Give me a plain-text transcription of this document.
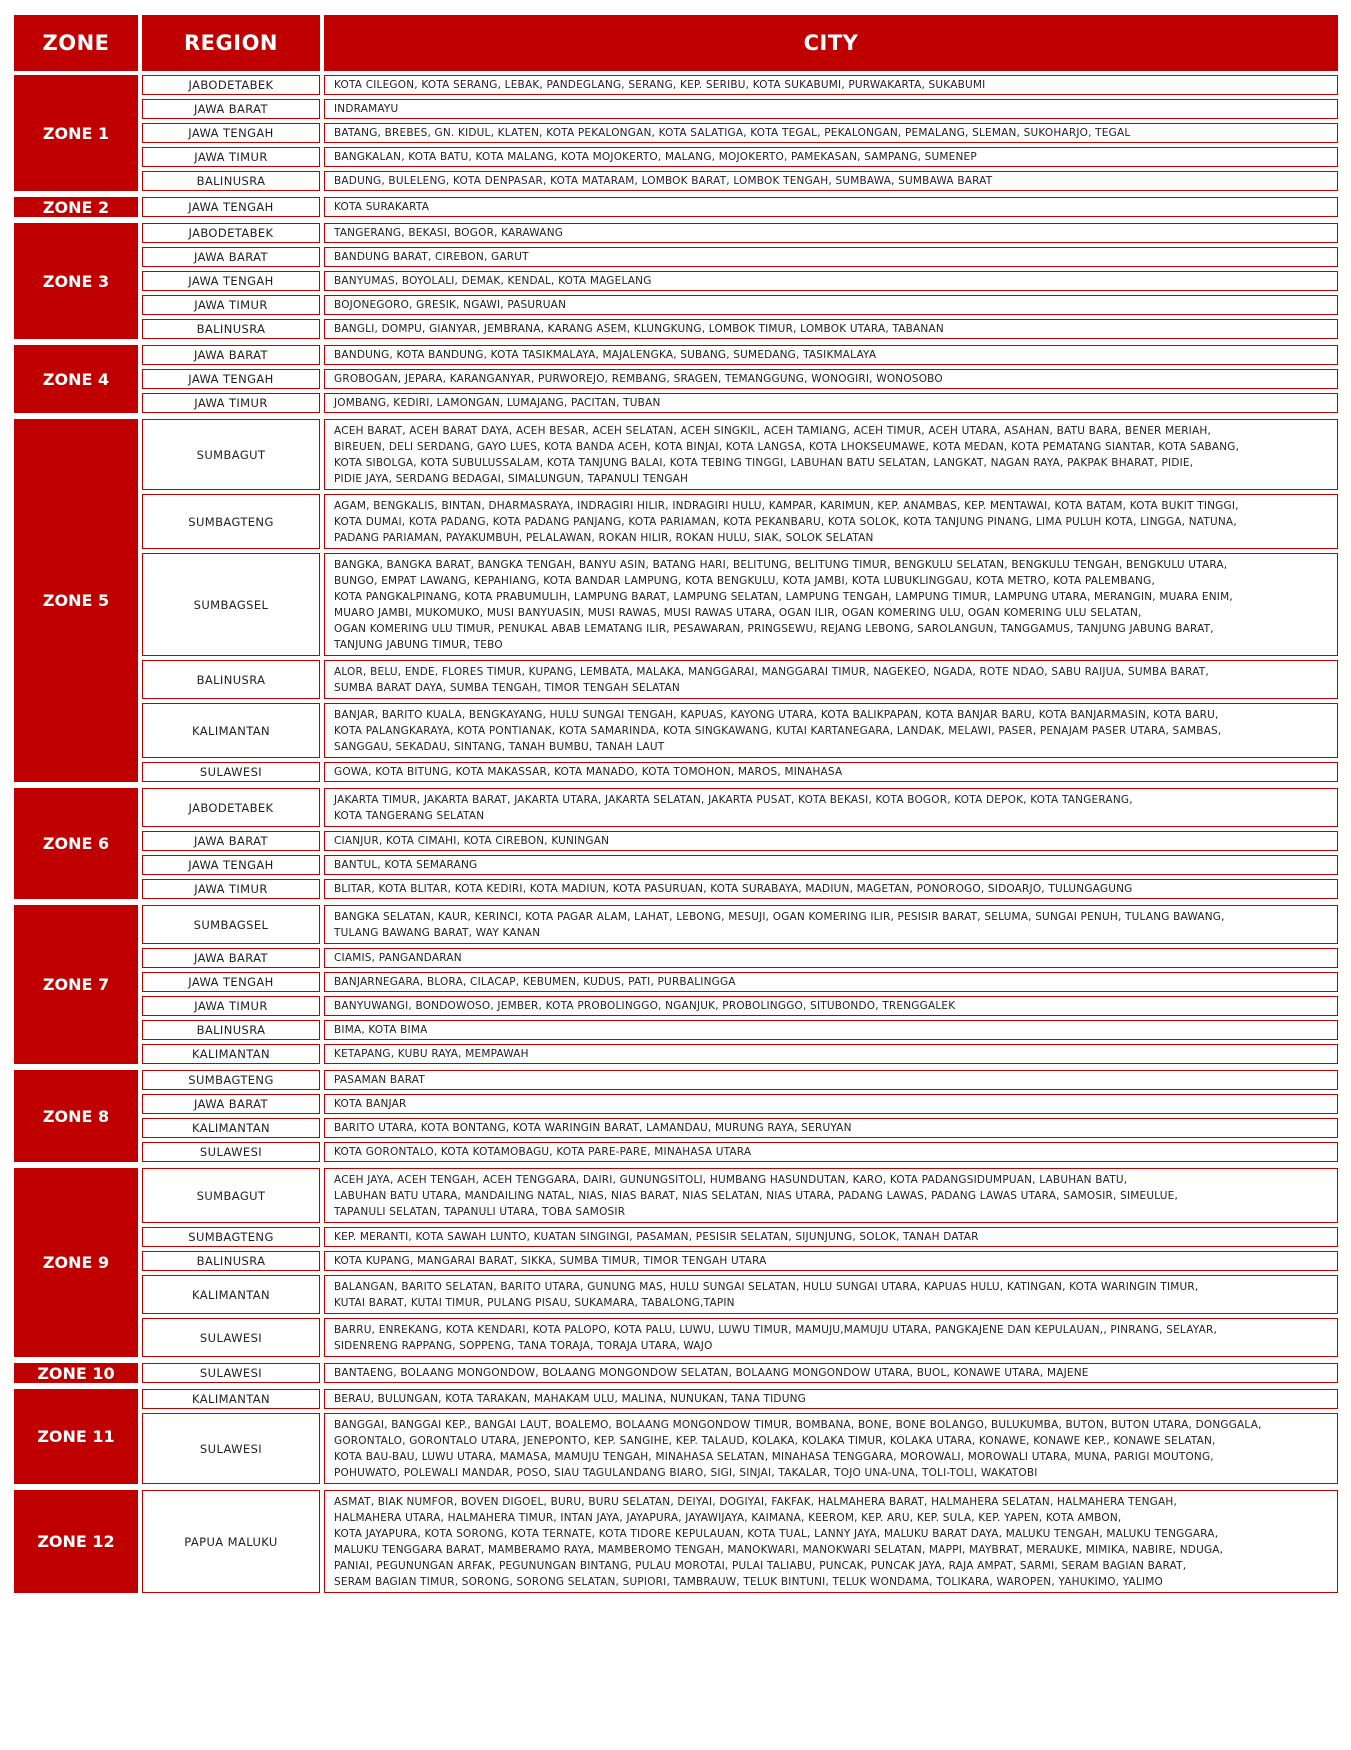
ZONE	REGION	CITY
ZONE 1
JABODETABEK	KOTA CILEGON, KOTA SERANG, LEBAK, PANDEGLANG, SERANG, KEP. SERIBU, KOTA SUKABUMI, PURWAKARTA, SUKABUMI
JAWA BARAT	INDRAMAYU
JAWA TENGAH	BATANG, BREBES, GN. KIDUL, KLATEN, KOTA PEKALONGAN, KOTA SALATIGA, KOTA TEGAL, PEKALONGAN, PEMALANG, SLEMAN, SUKOHARJO, TEGAL
JAWA TIMUR	BANGKALAN, KOTA BATU, KOTA MALANG, KOTA MOJOKERTO, MALANG, MOJOKERTO, PAMEKASAN, SAMPANG, SUMENEP
BALINUSRA	BADUNG, BULELENG, KOTA DENPASAR, KOTA MATARAM, LOMBOK BARAT, LOMBOK TENGAH, SUMBAWA, SUMBAWA BARAT
ZONE 2	JAWA TENGAH	KOTA SURAKARTA
ZONE 3
JABODETABEK	TANGERANG, BEKASI, BOGOR, KARAWANG
JAWA BARAT	BANDUNG BARAT, CIREBON, GARUT
JAWA TENGAH	BANYUMAS, BOYOLALI, DEMAK, KENDAL, KOTA MAGELANG
JAWA TIMUR	BOJONEGORO, GRESIK, NGAWI, PASURUAN
BALINUSRA	BANGLI, DOMPU, GIANYAR, JEMBRANA, KARANG ASEM, KLUNGKUNG, LOMBOK TIMUR, LOMBOK UTARA, TABANAN
ZONE 4
JAWA BARAT	BANDUNG, KOTA BANDUNG, KOTA TASIKMALAYA, MAJALENGKA, SUBANG, SUMEDANG, TASIKMALAYA
JAWA TENGAH	GROBOGAN, JEPARA, KARANGANYAR, PURWOREJO, REMBANG, SRAGEN, TEMANGGUNG, WONOGIRI, WONOSOBO
JAWA TIMUR	JOMBANG, KEDIRI, LAMONGAN, LUMAJANG, PACITAN, TUBAN
ZONE 5
SUMBAGUT
ACEH BARAT, ACEH BARAT DAYA, ACEH BESAR, ACEH SELATAN, ACEH SINGKIL, ACEH TAMIANG, ACEH TIMUR, ACEH UTARA, ASAHAN, BATU BARA, BENER MERIAH,
BIREUEN, DELI SERDANG, GAYO LUES, KOTA BANDA ACEH, KOTA BINJAI, KOTA LANGSA, KOTA LHOKSEUMAWE, KOTA MEDAN, KOTA PEMATANG SIANTAR, KOTA SABANG,
KOTA SIBOLGA, KOTA SUBULUSSALAM, KOTA TANJUNG BALAI, KOTA TEBING TINGGI, LABUHAN BATU SELATAN, LANGKAT, NAGAN RAYA, PAKPAK BHARAT, PIDIE,
PIDIE JAYA, SERDANG BEDAGAI, SIMALUNGUN, TAPANULI TENGAH
SUMBAGTENG
AGAM, BENGKALIS, BINTAN, DHARMASRAYA, INDRAGIRI HILIR, INDRAGIRI HULU, KAMPAR, KARIMUN, KEP. ANAMBAS, KEP. MENTAWAI, KOTA BATAM, KOTA BUKIT TINGGI,
KOTA DUMAI, KOTA PADANG, KOTA PADANG PANJANG, KOTA PARIAMAN, KOTA PEKANBARU, KOTA SOLOK, KOTA TANJUNG PINANG, LIMA PULUH KOTA, LINGGA, NATUNA,
PADANG PARIAMAN, PAYAKUMBUH, PELALAWAN, ROKAN HILIR, ROKAN HULU, SIAK, SOLOK SELATAN
SUMBAGSEL
BANGKA, BANGKA BARAT, BANGKA TENGAH, BANYU ASIN, BATANG HARI, BELITUNG, BELITUNG TIMUR, BENGKULU SELATAN, BENGKULU TENGAH, BENGKULU UTARA,
BUNGO, EMPAT LAWANG, KEPAHIANG, KOTA BANDAR LAMPUNG, KOTA BENGKULU, KOTA JAMBI, KOTA LUBUKLINGGAU, KOTA METRO, KOTA PALEMBANG,
KOTA PANGKALPINANG, KOTA PRABUMULIH, LAMPUNG BARAT, LAMPUNG SELATAN, LAMPUNG TENGAH, LAMPUNG TIMUR, LAMPUNG UTARA, MERANGIN, MUARA ENIM,
MUARO JAMBI, MUKOMUKO, MUSI BANYUASIN, MUSI RAWAS, MUSI RAWAS UTARA, OGAN ILIR, OGAN KOMERING ULU, OGAN KOMERING ULU SELATAN,
OGAN KOMERING ULU TIMUR, PENUKAL ABAB LEMATANG ILIR, PESAWARAN, PRINGSEWU, REJANG LEBONG, SAROLANGUN, TANGGAMUS, TANJUNG JABUNG BARAT,
TANJUNG JABUNG TIMUR, TEBO
BALINUSRA
ALOR, BELU, ENDE, FLORES TIMUR, KUPANG, LEMBATA, MALAKA, MANGGARAI, MANGGARAI TIMUR, NAGEKEO, NGADA, ROTE NDAO, SABU RAIJUA, SUMBA BARAT,
SUMBA BARAT DAYA, SUMBA TENGAH, TIMOR TENGAH SELATAN
KALIMANTAN
BANJAR, BARITO KUALA, BENGKAYANG, HULU SUNGAI TENGAH, KAPUAS, KAYONG UTARA, KOTA BALIKPAPAN, KOTA BANJAR BARU, KOTA BANJARMASIN, KOTA BARU,
KOTA PALANGKARAYA, KOTA PONTIANAK, KOTA SAMARINDA, KOTA SINGKAWANG, KUTAI KARTANEGARA, LANDAK, MELAWI, PASER, PENAJAM PASER UTARA, SAMBAS,
SANGGAU, SEKADAU, SINTANG, TANAH BUMBU, TANAH LAUT
SULAWESI	GOWA, KOTA BITUNG, KOTA MAKASSAR, KOTA MANADO, KOTA TOMOHON, MAROS, MINAHASA
ZONE 6
JABODETABEK
JAKARTA TIMUR, JAKARTA BARAT, JAKARTA UTARA, JAKARTA SELATAN, JAKARTA PUSAT, KOTA BEKASI, KOTA BOGOR, KOTA DEPOK, KOTA TANGERANG,
KOTA TANGERANG SELATAN
JAWA BARAT	CIANJUR, KOTA CIMAHI, KOTA CIREBON, KUNINGAN
JAWA TENGAH	BANTUL, KOTA SEMARANG
JAWA TIMUR	BLITAR, KOTA BLITAR, KOTA KEDIRI, KOTA MADIUN, KOTA PASURUAN, KOTA SURABAYA, MADIUN, MAGETAN, PONOROGO, SIDOARJO, TULUNGAGUNG
ZONE 7
SUMBAGSEL
BANGKA SELATAN, KAUR, KERINCI, KOTA PAGAR ALAM, LAHAT, LEBONG, MESUJI, OGAN KOMERING ILIR, PESISIR BARAT, SELUMA, SUNGAI PENUH, TULANG BAWANG,
TULANG BAWANG BARAT, WAY KANAN
JAWA BARAT	CIAMIS, PANGANDARAN
JAWA TENGAH	BANJARNEGARA, BLORA, CILACAP, KEBUMEN, KUDUS, PATI, PURBALINGGA
JAWA TIMUR	BANYUWANGI, BONDOWOSO, JEMBER, KOTA PROBOLINGGO, NGANJUK, PROBOLINGGO, SITUBONDO, TRENGGALEK
BALINUSRA	BIMA, KOTA BIMA
KALIMANTAN	KETAPANG, KUBU RAYA, MEMPAWAH
ZONE 8
SUMBAGTENG	PASAMAN BARAT
JAWA BARAT	KOTA BANJAR
KALIMANTAN	BARITO UTARA, KOTA BONTANG, KOTA WARINGIN BARAT, LAMANDAU, MURUNG RAYA, SERUYAN
SULAWESI	KOTA GORONTALO, KOTA KOTAMOBAGU, KOTA PARE-PARE, MINAHASA UTARA
ZONE 9
SUMBAGUT
ACEH JAYA, ACEH TENGAH, ACEH TENGGARA, DAIRI, GUNUNGSITOLI, HUMBANG HASUNDUTAN, KARO, KOTA PADANGSIDUMPUAN, LABUHAN BATU,
LABUHAN BATU UTARA, MANDAILING NATAL, NIAS, NIAS BARAT, NIAS SELATAN, NIAS UTARA, PADANG LAWAS, PADANG LAWAS UTARA, SAMOSIR, SIMEULUE,
TAPANULI SELATAN, TAPANULI UTARA, TOBA SAMOSIR
SUMBAGTENG	KEP. MERANTI, KOTA SAWAH LUNTO, KUATAN SINGINGI, PASAMAN, PESISIR SELATAN, SIJUNJUNG, SOLOK, TANAH DATAR
BALINUSRA	KOTA KUPANG, MANGARAI BARAT, SIKKA, SUMBA TIMUR, TIMOR TENGAH UTARA
KALIMANTAN
BALANGAN, BARITO SELATAN, BARITO UTARA, GUNUNG MAS, HULU SUNGAI SELATAN, HULU SUNGAI UTARA, KAPUAS HULU, KATINGAN, KOTA WARINGIN TIMUR,
KUTAI BARAT, KUTAI TIMUR, PULANG PISAU, SUKAMARA, TABALONG,TAPIN
SULAWESI
BARRU, ENREKANG, KOTA KENDARI, KOTA PALOPO, KOTA PALU, LUWU, LUWU TIMUR, MAMUJU,MAMUJU UTARA, PANGKAJENE DAN KEPULAUAN,, PINRANG, SELAYAR,
SIDENRENG RAPPANG, SOPPENG, TANA TORAJA, TORAJA UTARA, WAJO
ZONE 10	SULAWESI	BANTAENG, BOLAANG MONGONDOW, BOLAANG MONGONDOW SELATAN, BOLAANG MONGONDOW UTARA, BUOL, KONAWE UTARA, MAJENE
ZONE 11
KALIMANTAN	BERAU, BULUNGAN, KOTA TARAKAN, MAHAKAM ULU, MALINA, NUNUKAN, TANA TIDUNG
SULAWESI
BANGGAI, BANGGAI KEP., BANGAI LAUT, BOALEMO, BOLAANG MONGONDOW TIMUR, BOMBANA, BONE, BONE BOLANGO, BULUKUMBA, BUTON, BUTON UTARA, DONGGALA,
GORONTALO, GORONTALO UTARA, JENEPONTO, KEP. SANGIHE, KEP. TALAUD, KOLAKA, KOLAKA TIMUR, KOLAKA UTARA, KONAWE, KONAWE KEP., KONAWE SELATAN,
KOTA BAU-BAU, LUWU UTARA, MAMASA, MAMUJU TENGAH, MINAHASA SELATAN, MINAHASA TENGGARA, MOROWALI, MOROWALI UTARA, MUNA, PARIGI MOUTONG,
POHUWATO, POLEWALI MANDAR, POSO, SIAU TAGULANDANG BIARO, SIGI, SINJAI, TAKALAR, TOJO UNA-UNA, TOLI-TOLI, WAKATOBI
ZONE 12	PAPUA MALUKU
ASMAT, BIAK NUMFOR, BOVEN DIGOEL, BURU, BURU SELATAN, DEIYAI, DOGIYAI, FAKFAK, HALMAHERA BARAT, HALMAHERA SELATAN, HALMAHERA TENGAH,
HALMAHERA UTARA, HALMAHERA TIMUR, INTAN JAYA, JAYAPURA, JAYAWIJAYA, KAIMANA, KEEROM, KEP. ARU, KEP. SULA, KEP. YAPEN, KOTA AMBON,
KOTA JAYAPURA, KOTA SORONG, KOTA TERNATE, KOTA TIDORE KEPULAUAN, KOTA TUAL, LANNY JAYA, MALUKU BARAT DAYA, MALUKU TENGAH, MALUKU TENGGARA,
MALUKU TENGGARA BARAT, MAMBERAMO RAYA, MAMBEROMO TENGAH, MANOKWARI, MANOKWARI SELATAN, MAPPI, MAYBRAT, MERAUKE, MIMIKA, NABIRE, NDUGA,
PANIAI, PEGUNUNGAN ARFAK, PEGUNUNGAN BINTANG, PULAU MOROTAI, PULAI TALIABU, PUNCAK, PUNCAK JAYA, RAJA AMPAT, SARMI, SERAM BAGIAN BARAT,
SERAM BAGIAN TIMUR, SORONG, SORONG SELATAN, SUPIORI, TAMBRAUW, TELUK BINTUNI, TELUK WONDAMA, TOLIKARA, WAROPEN, YAHUKIMO, YALIMO
